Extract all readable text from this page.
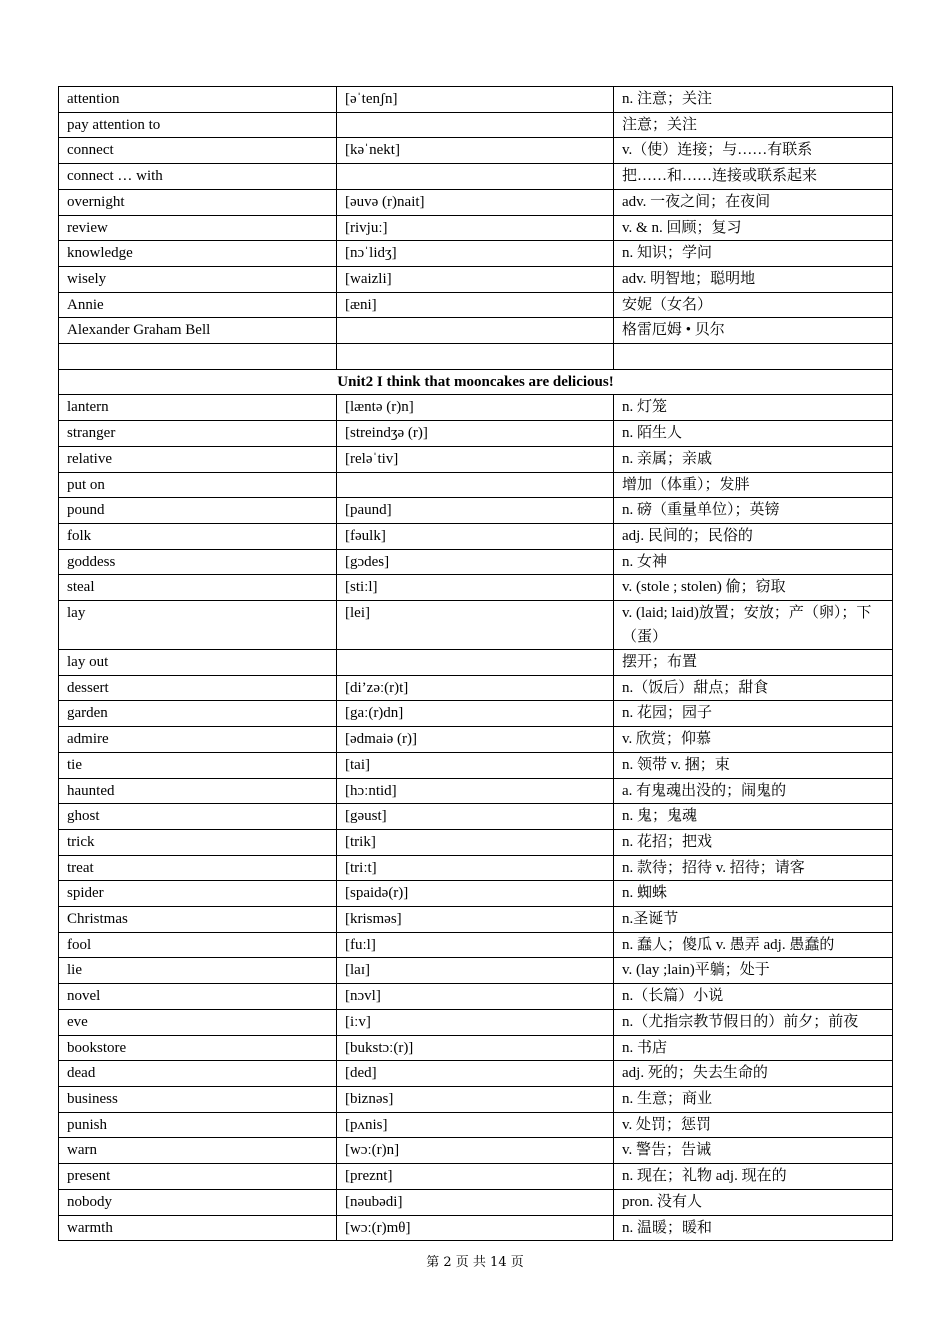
attention	[əˈtenʃn]	n. 注意；关注
pay attention to		注意；关注
connect	[kəˈnekt]	v.（使）连接；与……有联系
connect … with		把……和……连接或联系起来
overnight	[əuvə (r)nait]	adv. 一夜之间；在夜间
review	[rivjuː]	v. & n. 回顾；复习
knowledge	[nɔˈlidʒ]	n. 知识；学问
wisely	[waizli]	adv. 明智地；聪明地
Annie	[æni]	安妮（女名）
Alexander Graham Bell		格雷厄姆 • 贝尔

Unit2 I think that mooncakes are delicious!		
lantern	[læntə (r)n]	n. 灯笼
stranger	[streindʒə (r)]	n. 陌生人
relative	[reləˈtiv]	n. 亲属；亲戚
put on		增加（体重）；发胖
pound	[paund]	n. 磅（重量单位）；英镑
folk	[fəulk]	adj. 民间的；民俗的
goddess	[gɔdes]	n. 女神
steal	[stiːl]	v. (stole ; stolen) 偷；窃取
lay	[lei]	v. (laid; laid)放置；安放；产（卵）；下（蛋）
lay out		摆开；布置
dessert	[di’zəː(r)t]	n.（饭后）甜点；甜食
garden	[gaː(r)dn]	n. 花园；园子
admire	[ədmaiə (r)]	v. 欣赏；仰慕
tie	[tai]	n. 领带 v. 捆；束
haunted	[hɔːntid]	a. 有鬼魂出没的；闹鬼的
ghost	[gəust]	n. 鬼；鬼魂
trick	[trik]	n. 花招；把戏
treat	[triːt]	n. 款待；招待 v. 招待；请客
spider	[spaidə(r)]	n. 蜘蛛
Christmas	[krisməs]	n.圣诞节
fool	[fuːl]	n. 蠢人；傻瓜 v. 愚弄 adj. 愚蠢的
lie	[laɪ]	v. (lay ;lain)平躺；处于
novel	[nɔvl]	n.（长篇）小说
eve	[iːv]	n.（尤指宗教节假日的）前夕；前夜
bookstore	[bukstɔː(r)]	n. 书店
dead	[ded]	adj. 死的；失去生命的
business	[biznəs]	n. 生意；商业
punish	[pʌnis]	v. 处罚；惩罚
warn	[wɔː(r)n]	v. 警告；告诫
present	[preznt]	n. 现在；礼物 adj. 现在的
nobody	[nəubədi]	pron. 没有人
warmth	[wɔː(r)mθ]	n. 温暖；暖和
第 2 页 共 14 页
